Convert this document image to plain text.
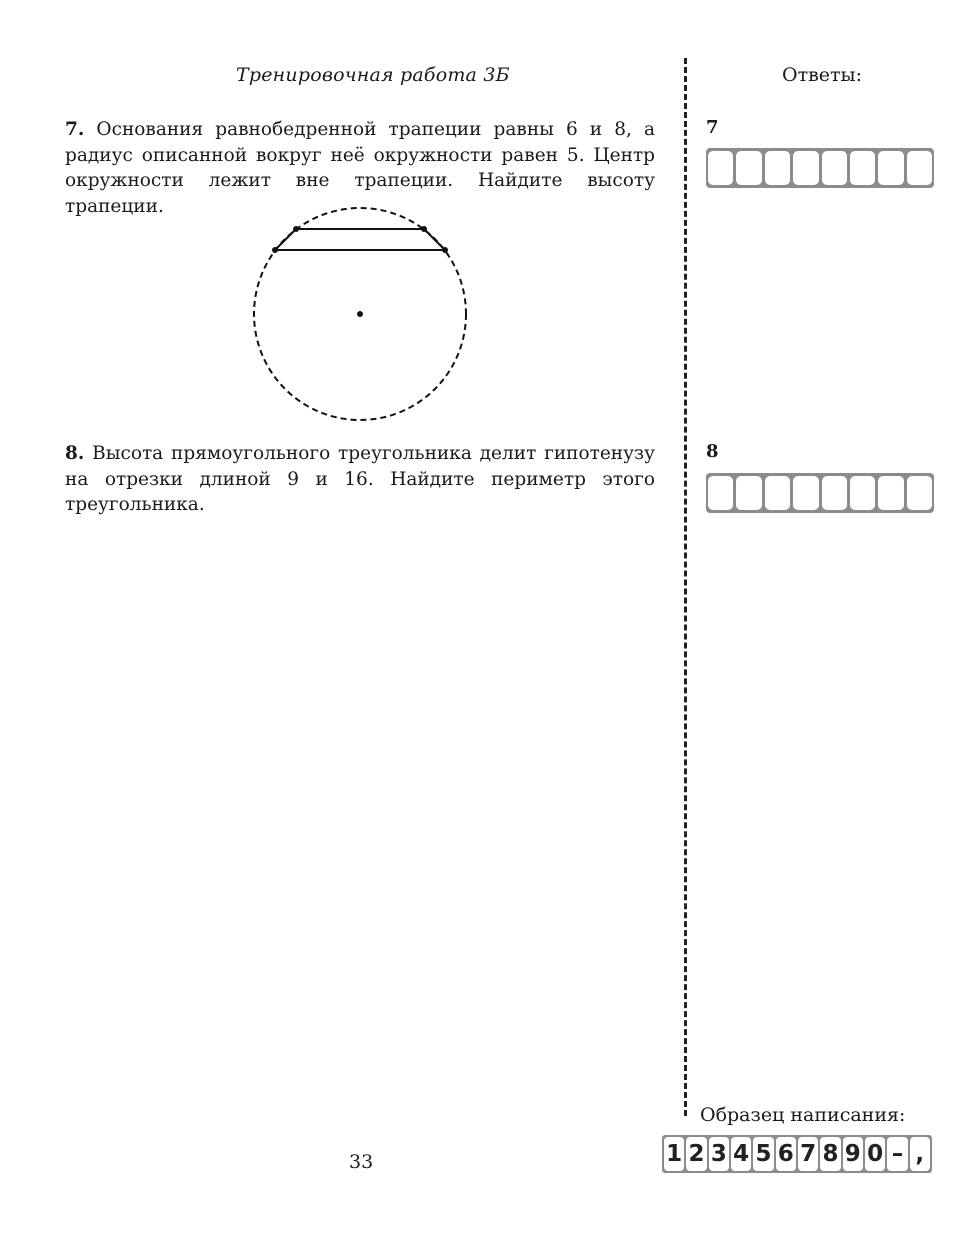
Тренировочная работа 3Б	Ответы:
7. Основания равнобедренной трапеции равны 6 и 8, а радиус описанной вокруг неё окружности равен 5. Центр окружности лежит вне трапеции. Найдите высоту трапеции.
8. Высота прямоугольного треугольника делит гипотенузу на отрезки длиной 9 и 16. Найдите периметр этого треугольника.
7
8
Образец написания:
1 2 3 4 5 6 7 8 9 0 – ,
33
